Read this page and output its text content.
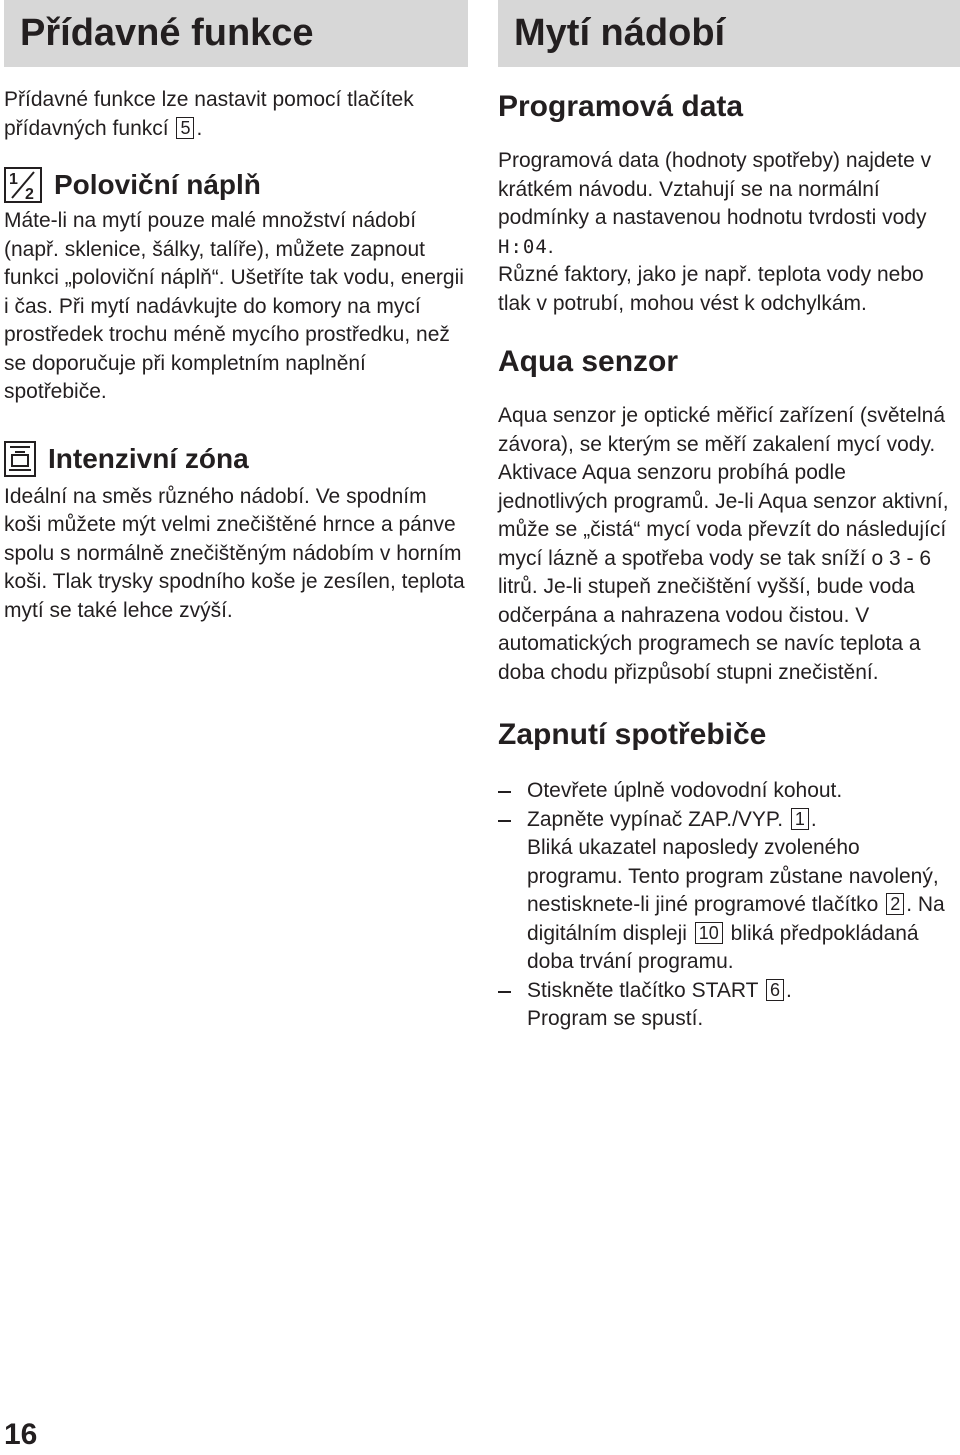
Přídavné funkce

Přídavné funkce lze nastavit pomocí tlačítek
přídavných funkcí 5 .

1
2 Poloviční náplň

Máte-li na mytí pouze malé množství nádobí (např. sklenice, šálky, talíře), můžete zapnout funkci „poloviční náplň“. Ušetříte tak vodu, energii i čas. Při mytí nadávkujte do komory na mycí prostředek trochu méně mycího prostředku, než se doporučuje při kompletním naplnění spotřebiče.

Intenzivní zóna

Ideální na směs různého nádobí. Ve spodním koši můžete mýt velmi znečištěné hrnce a pánve spolu s normálně znečištěným nádobím v horním koši. Tlak trysky spodního koše je zesílen, teplota mytí se také lehce zvýší.

Mytí nádobí
Programová data

Programová data (hodnoty spotřeby) najdete v krátkém návodu. Vztahují se na normální podmínky a nastavenou hodnotu tvrdosti vody H:04.
Různé faktory, jako je např. teplota vody nebo tlak v potrubí, mohou vést k odchylkám.

Aqua senzor

Aqua senzor je optické měřicí zařízení (světelná závora), se kterým se měří zakalení mycí vody.
Aktivace Aqua senzoru probíhá podle jednotlivých programů. Je-li Aqua senzor aktivní, může se „čistá“ mycí voda převzít do následující mycí lázně a spotřeba vody se tak sníží o 3 - 6 litrů. Je-li stupeň znečištění vyšší, bude voda odčerpána a nahrazena vodou čistou. V automatických programech se navíc teplota a doba chodu přizpůsobí stupni znečistění.

Zapnutí spotřebiče
Otevřete úplně vodovodní kohout.
Zapněte vypínač ZAP./VYP. 1 .
Bliká ukazatel naposledy zvoleného programu. Tento program zůstane navolený, nestisknete-li jiné programové tlačítko 2 . Na digitálním displeji 10 bliká předpokládaná doba trvání programu.
Stiskněte tlačítko START 6 .
Program se spustí.
16
